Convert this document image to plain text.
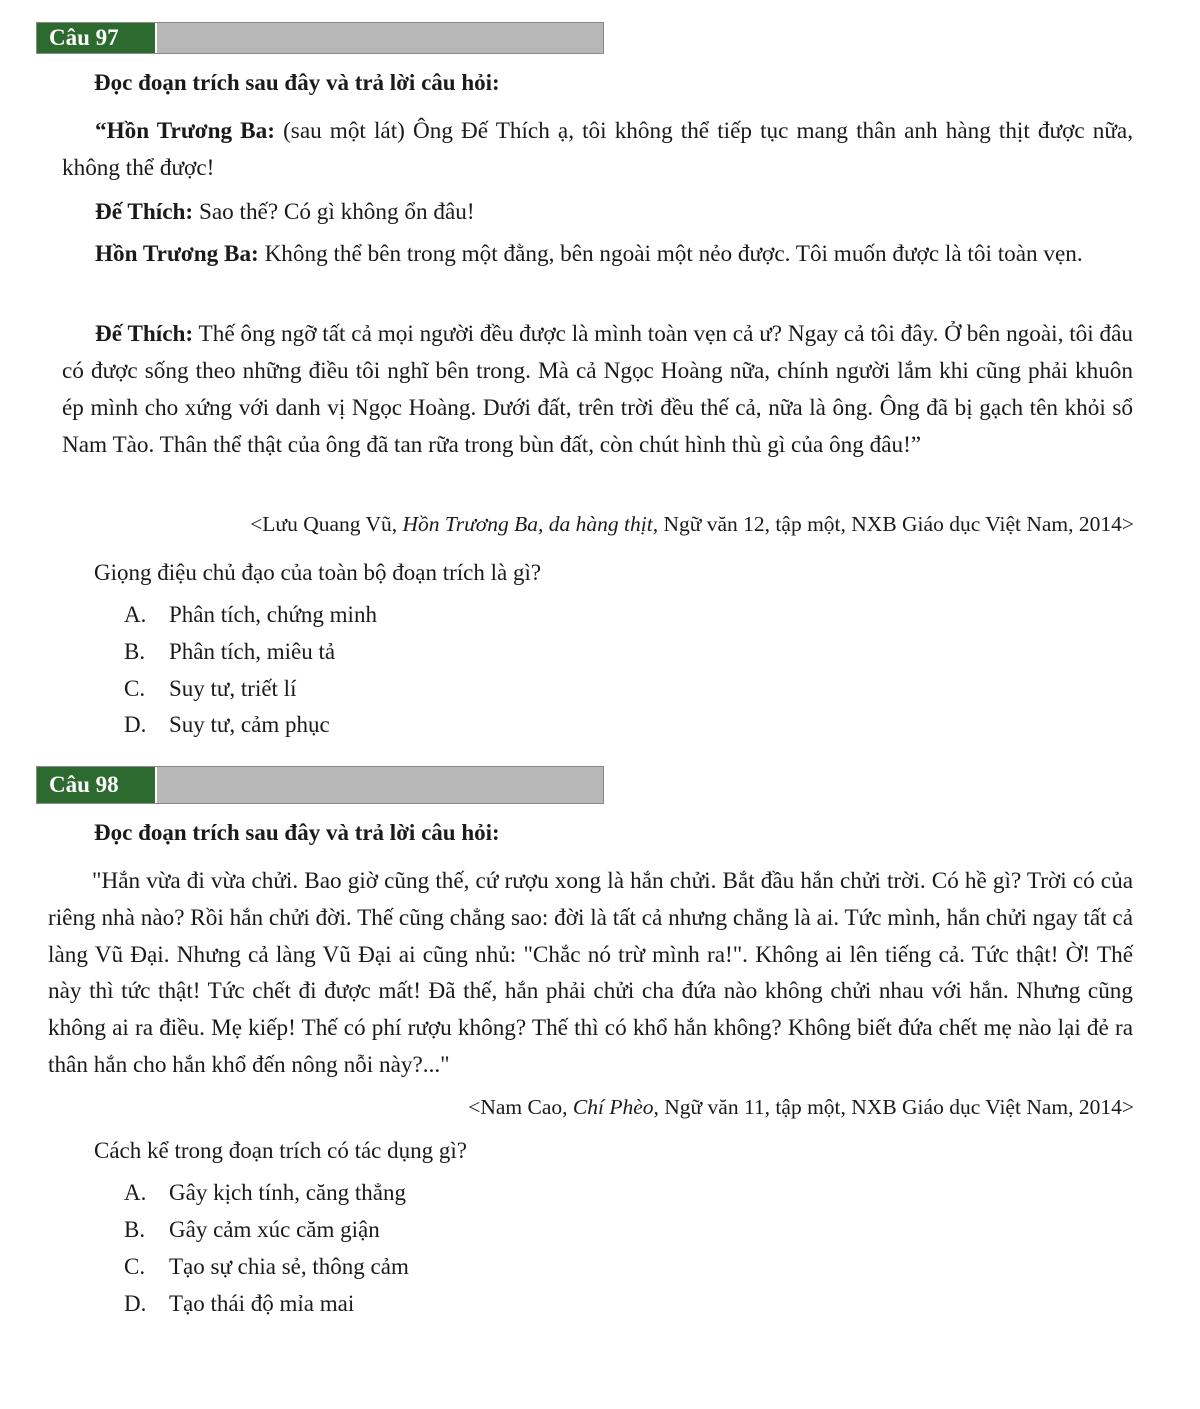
Câu 97

Đọc đoạn trích sau đây và trả lời câu hỏi:

“Hồn Trương Ba: (sau một lát) Ông Đế Thích ạ, tôi không thể tiếp tục mang thân anh hàng thịt được nữa, không thể được!

Đế Thích: Sao thế? Có gì không ổn đâu!

Hồn Trương Ba: Không thể bên trong một đằng, bên ngoài một nẻo được. Tôi muốn được là tôi toàn vẹn.

Đế Thích: Thế ông ngỡ tất cả mọi người đều được là mình toàn vẹn cả ư? Ngay cả tôi đây. Ở bên ngoài, tôi đâu có được sống theo những điều tôi nghĩ bên trong. Mà cả Ngọc Hoàng nữa, chính người lắm khi cũng phải khuôn ép mình cho xứng với danh vị Ngọc Hoàng. Dưới đất, trên trời đều thế cả, nữa là ông. Ông đã bị gạch tên khỏi sổ Nam Tào. Thân thể thật của ông đã tan rữa trong bùn đất, còn chút hình thù gì của ông đâu!”

<Lưu Quang Vũ, Hồn Trương Ba, da hàng thịt, Ngữ văn 12, tập một, NXB Giáo dục Việt Nam, 2014>

Giọng điệu chủ đạo của toàn bộ đoạn trích là gì?

A. Phân tích, chứng minh

B.	Phân tích, miêu tả

C.	Suy tư, triết lí

D. Suy tư, cảm phục

Câu 98

Đọc đoạn trích sau đây và trả lời câu hỏi:

"Hắn vừa đi vừa chửi. Bao giờ cũng thế, cứ rượu xong là hắn chửi. Bắt đầu hắn chửi trời. Có hề gì? Trời có của riêng nhà nào? Rồi hắn chửi đời. Thế cũng chẳng sao: đời là tất cả nhưng chẳng là ai. Tức mình, hắn chửi ngay tất cả làng Vũ Đại. Nhưng cả làng Vũ Đại ai cũng nhủ: "Chắc nó trừ mình ra!". Không ai lên tiếng cả. Tức thật! Ờ! Thế này thì tức thật! Tức chết đi được mất! Đã thế, hắn phải chửi cha đứa nào không chửi nhau với hắn. Nhưng cũng không ai ra điều. Mẹ kiếp! Thế có phí rượu không? Thế thì có khổ hắn không? Không biết đứa chết mẹ nào lại đẻ ra thân hắn cho hắn khổ đến nông nỗi này?..."

<Nam Cao, Chí Phèo, Ngữ văn 11, tập một, NXB Giáo dục Việt Nam, 2014>

Cách kể trong đoạn trích có tác dụng gì?

A. Gây kịch tính, căng thẳng

B.	Gây cảm xúc căm giận

C.	Tạo sự chia sẻ, thông cảm

D. Tạo thái độ mỉa mai
